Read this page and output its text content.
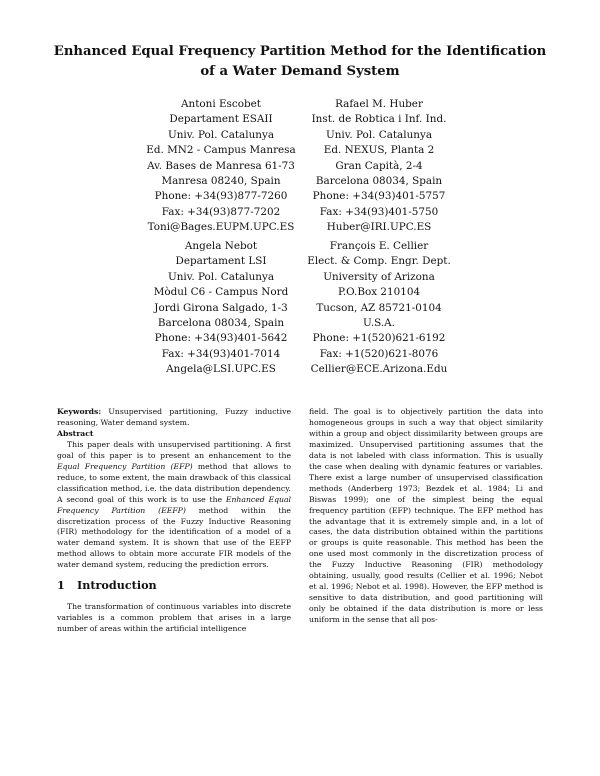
Enhanced Equal Frequency Partition Method for the Identification
of a Water Demand System
Antoni Escobet
Departament ESAII
Univ. Pol. Catalunya
Ed. MN2 - Campus Manresa
Av. Bases de Manresa 61-73
Manresa 08240, Spain
Phone: +34(93)877-7260
Fax: +34(93)877-7202
Toni@Bages.EUPM.UPC.ES
Rafael M. Huber
Inst. de Robtica i Inf. Ind.
Univ. Pol. Catalunya
Ed. NEXUS, Planta 2
Gran Capità, 2-4
Barcelona 08034, Spain
Phone: +34(93)401-5757
Fax: +34(93)401-5750
Huber@IRI.UPC.ES
Angela Nebot
Departament LSI
Univ. Pol. Catalunya
Mòdul C6 - Campus Nord
Jordi Girona Salgado, 1-3
Barcelona 08034, Spain
Phone: +34(93)401-5642
Fax: +34(93)401-7014
Angela@LSI.UPC.ES
François E. Cellier
Elect. & Comp. Engr. Dept.
University of Arizona
P.O.Box 210104
Tucson, AZ 85721-0104
U.S.A.
Phone: +1(520)621-6192
Fax: +1(520)621-8076
Cellier@ECE.Arizona.Edu

Keywords: Unsupervised partitioning, Fuzzy inductive reasoning, Water demand system.

Abstract

This paper deals with unsupervised partitioning. A first goal of this paper is to present an enhancement to the Equal Frequency Partition (EFP) method that allows to reduce, to some extent, the main drawback of this classical classification method, i.e. the data distribution dependency. A second goal of this work is to use the Enhanced Equal Frequency Partition (EEFP) method within the discretization process of the Fuzzy Inductive Reasoning (FIR) methodology for the identification of a model of a water demand system. It is shown that use of the EEFP method allows to obtain more accurate FIR models of the water demand system, reducing the prediction errors.

1 Introduction

The transformation of continuous variables into discrete variables is a common problem that arises in a large number of areas within the artificial intelligence

field. The goal is to objectively partition the data into homogeneous groups in such a way that object similarity within a group and object dissimilarity between groups are maximized. Unsupervised partitioning assumes that the data is not labeled with class information. This is usually the case when dealing with dynamic features or variables. There exist a large number of unsupervised classification methods (Anderberg 1973; Bezdek et al. 1984; Li and Biswas 1999); one of the simplest being the equal frequency partition (EFP) technique. The EFP method has the advantage that it is extremely simple and, in a lot of cases, the data distribution obtained within the partitions or groups is quite reasonable. This method has been the one used most commonly in the discretization process of the Fuzzy Inductive Reasoning (FIR) methodology obtaining, usually, good results (Cellier et al. 1996; Nebot et al. 1996; Nebot et al. 1998). However, the EFP method is sensitive to data distribution, and good partitioning will only be obtained if the data distribution is more or less uniform in the sense that all pos-
